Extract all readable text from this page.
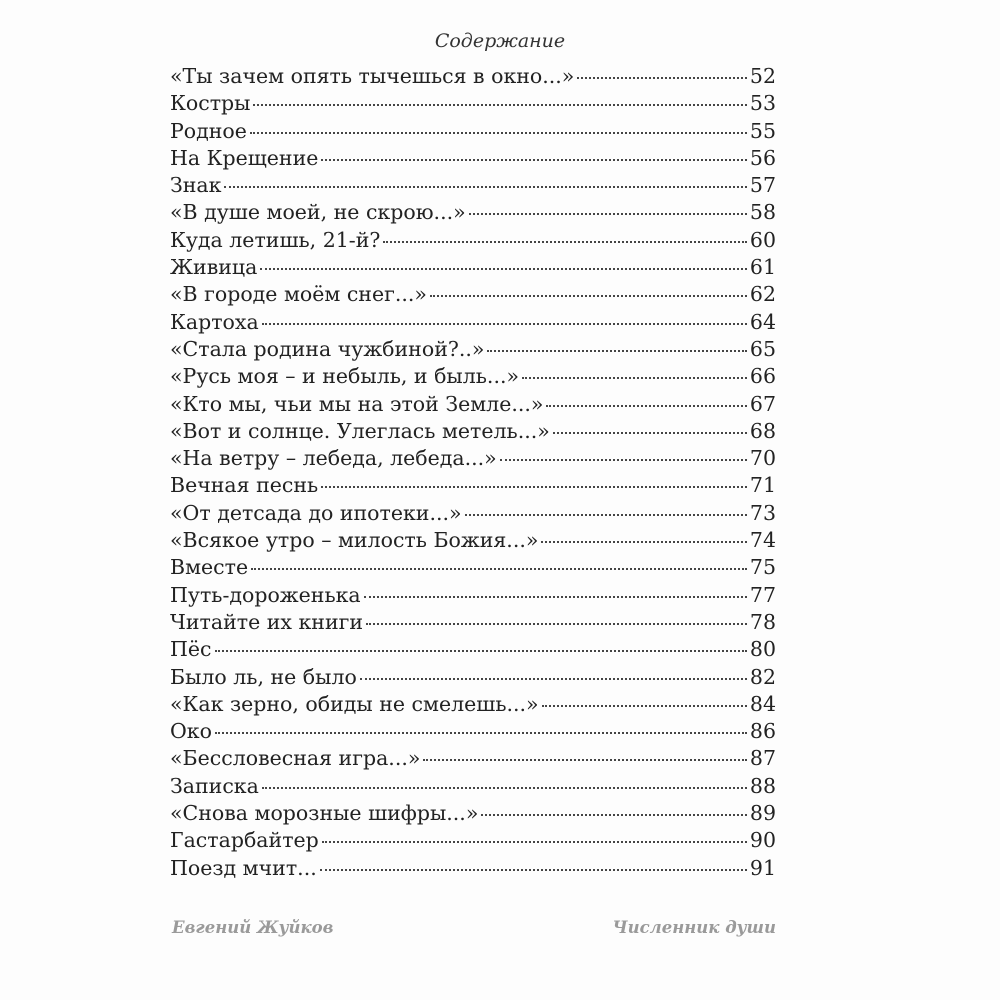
Содержание
«Ты зачем опять тычешься в окно...»	52
Костры	53
Родное	55
На Крещение	56
Знак	57
«В душе моей, не скрою...»	58
Куда летишь, 21-й?	60
Живица	61
«В городе моём снег...»	62
Картоха	64
«Стала родина чужбиной?..»	65
«Русь моя – и небыль, и быль...»	66
«Кто мы, чьи мы на этой Земле...»	67
«Вот и солнце. Улеглась метель...»	68
«На ветру – лебеда, лебеда...»	70
Вечная песнь	71
«От детсада до ипотеки...»	73
«Всякое утро – милость Божия...»	74
Вместе	75
Путь-дороженька	77
Читайте их книги	78
Пёс	80
Было ль, не было	82
«Как зерно, обиды не смелешь...»	84
Око	86
«Бессловесная игра...»	87
Записка	88
«Снова морозные шифры...»	89
Гастарбайтер	90
Поезд мчит...	91
Евгений Жуйков	Численник души
